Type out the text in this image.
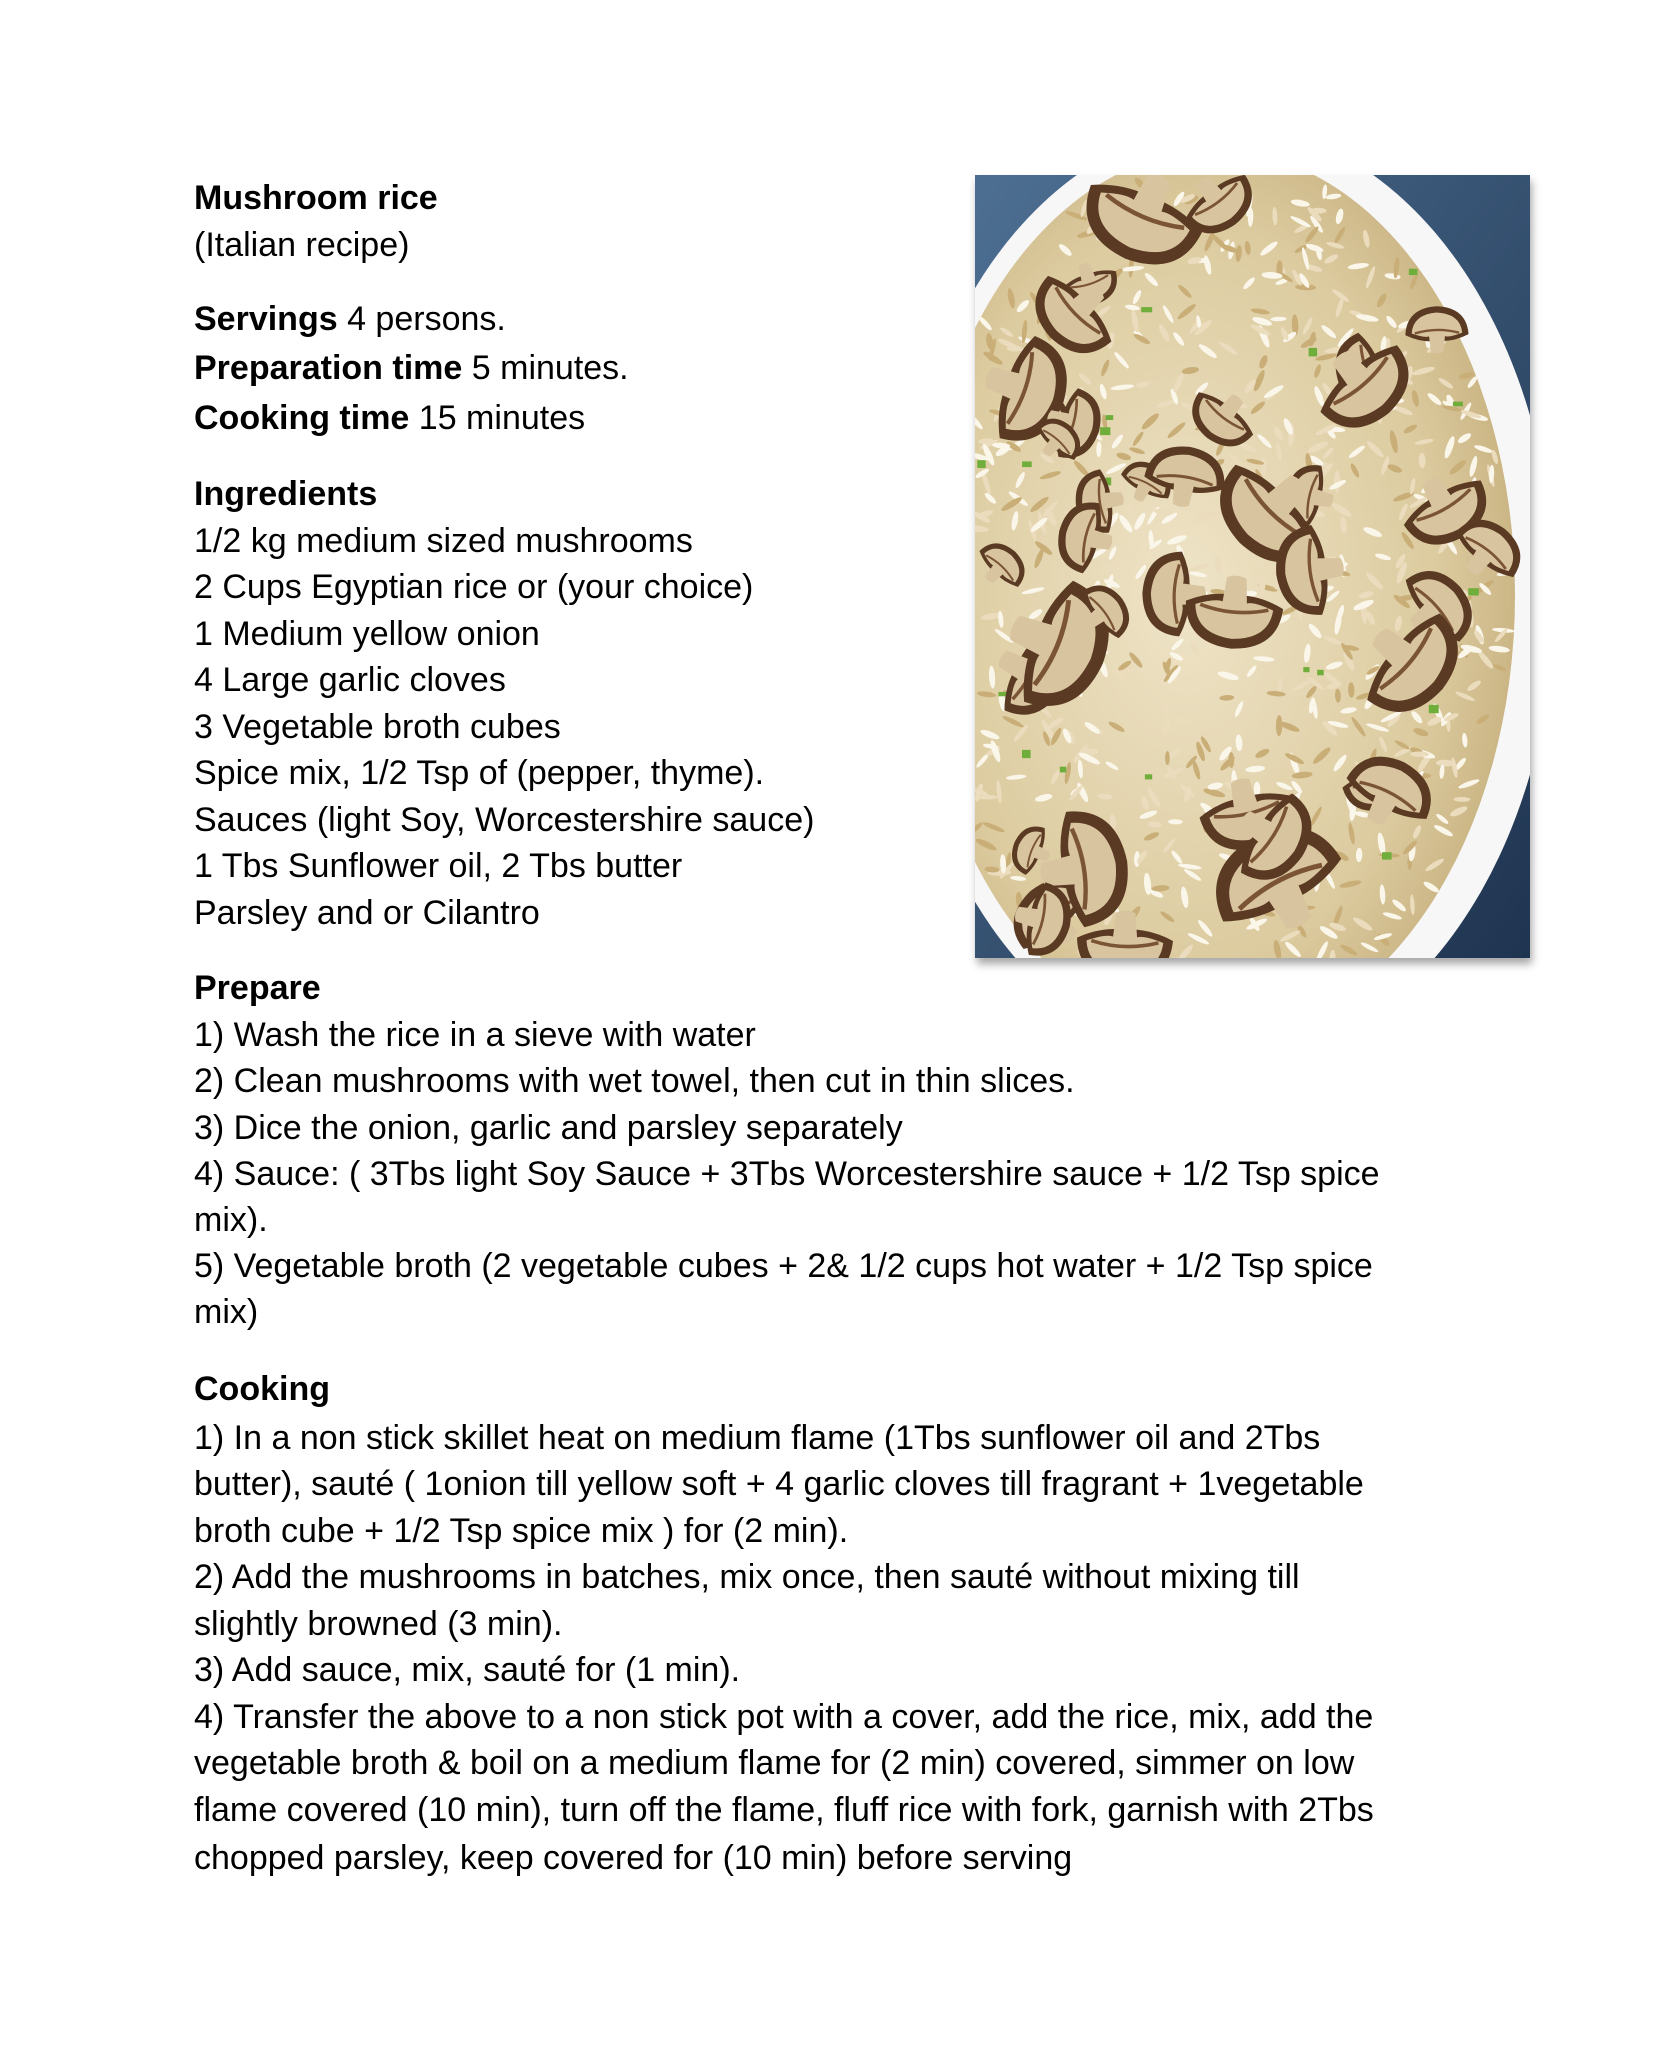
Mushroom rice
(Italian recipe)
Servings 4 persons.
Preparation time 5 minutes.
Cooking time 15 minutes
Ingredients
1/2 kg medium sized mushrooms
2 Cups Egyptian rice or (your choice)
1 Medium yellow onion
4 Large garlic cloves
3 Vegetable broth cubes
Spice mix, 1/2 Tsp of (pepper, thyme).
Sauces (light Soy, Worcestershire sauce)
1 Tbs Sunflower oil, 2 Tbs butter
Parsley and or Cilantro
Prepare
1) Wash the rice in a sieve with water
2) Clean mushrooms with wet towel, then cut in thin slices.
3) Dice the onion, garlic and parsley separately
4) Sauce: ( 3Tbs light Soy Sauce + 3Tbs Worcestershire sauce + 1/2 Tsp spice
mix).
5) Vegetable broth (2 vegetable cubes + 2& 1/2 cups hot water + 1/2 Tsp spice
mix)
Cooking
1) In a non stick skillet heat on medium flame (1Tbs sunflower oil and 2Tbs
butter), sauté ( 1onion till yellow soft + 4 garlic cloves till fragrant + 1vegetable
broth cube + 1/2 Tsp spice mix ) for (2 min).
2) Add the mushrooms in batches, mix once, then sauté without mixing till
slightly browned (3 min).
3) Add sauce, mix, sauté for (1 min).
4) Transfer the above to a non stick pot with a cover, add the rice, mix, add the
vegetable broth & boil on a medium flame for (2 min) covered, simmer on low
flame covered (10 min), turn off the flame, fluff rice with fork, garnish with 2Tbs
chopped parsley, keep covered for (10 min) before serving
